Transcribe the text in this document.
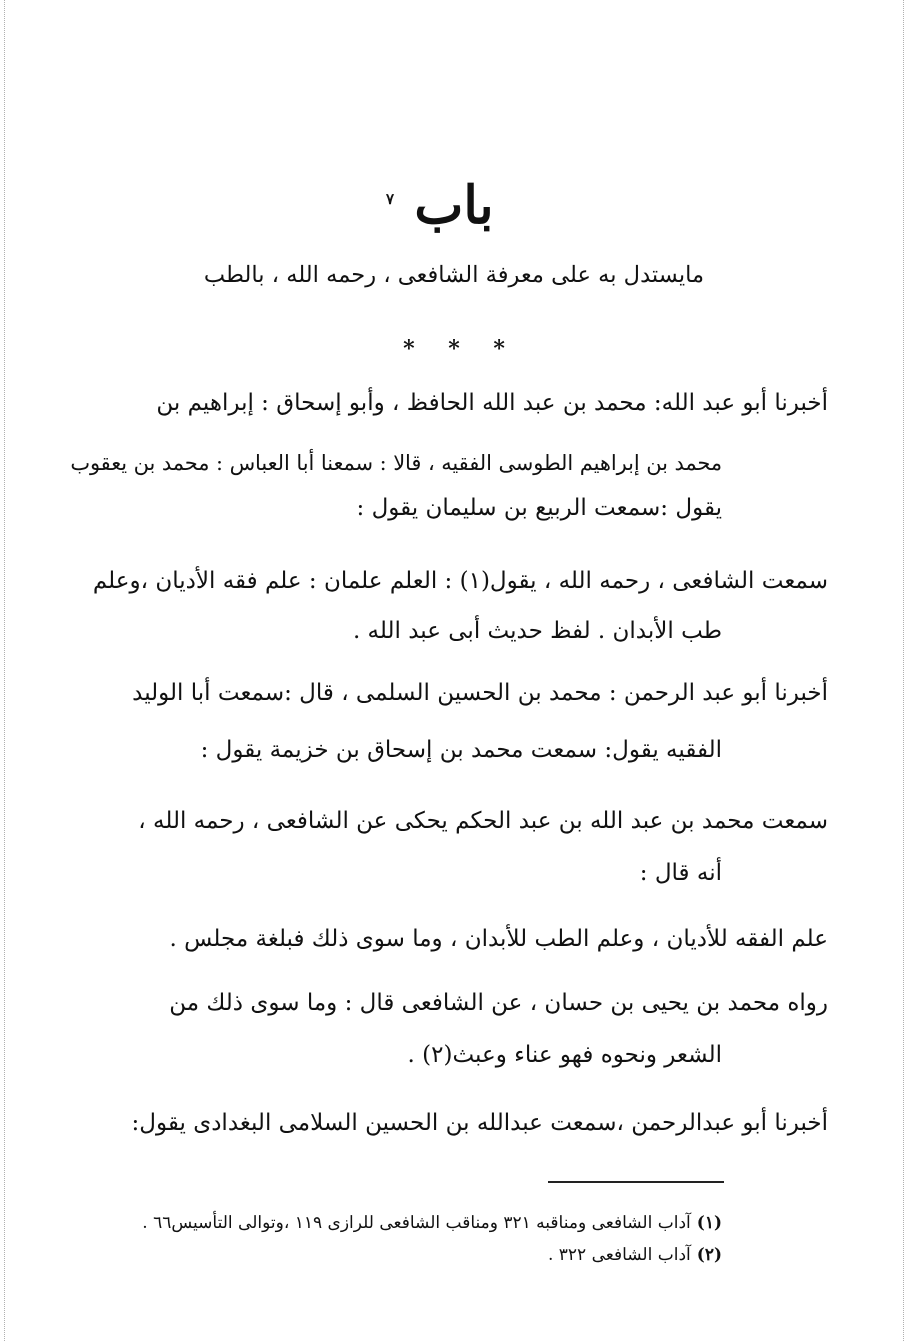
باب
٧
مايستدل به على معرفة الشافعى ، رحمه الله ، بالطب
* * *
أخبرنا أبو عبد الله: محمد بن عبد الله الحافظ ، وأبو إسحاق : إبراهيم بن
محمد بن إبراهيم الطوسى الفقيه ، قالا : سمعنا أبا العباس : محمد بن يعقوب
يقول :سمعت الربيع بن سليمان يقول :
سمعت الشافعى ، رحمه الله ، يقول(١) : العلم علمان : علم فقه الأديان ،وعلم
طب الأبدان . لفظ حديث أبى عبد الله .
أخبرنا أبو عبد الرحمن : محمد بن الحسين السلمى ، قال :سمعت أبا الوليد
الفقيه يقول: سمعت محمد بن إسحاق بن خزيمة يقول :
سمعت محمد بن عبد الله بن عبد الحكم يحكى عن الشافعى ، رحمه الله ،
أنه قال :
علم الفقه للأديان ، وعلم الطب للأبدان ، وما سوى ذلك فبلغة مجلس .
رواه محمد بن يحيى بن حسان ، عن الشافعى قال : وما سوى ذلك من
الشعر ونحوه فهو عناء وعبث(٢) .
أخبرنا أبو عبدالرحمن ،سمعت عبدالله بن الحسين السلامى البغدادى يقول:
(١)آداب الشافعى ومناقبه ٣٢١ ومناقب الشافعى للرازى ١١٩ ،وتوالى التأسيس٦٦ .
(٢)آداب الشافعى ٣٢٢ .
